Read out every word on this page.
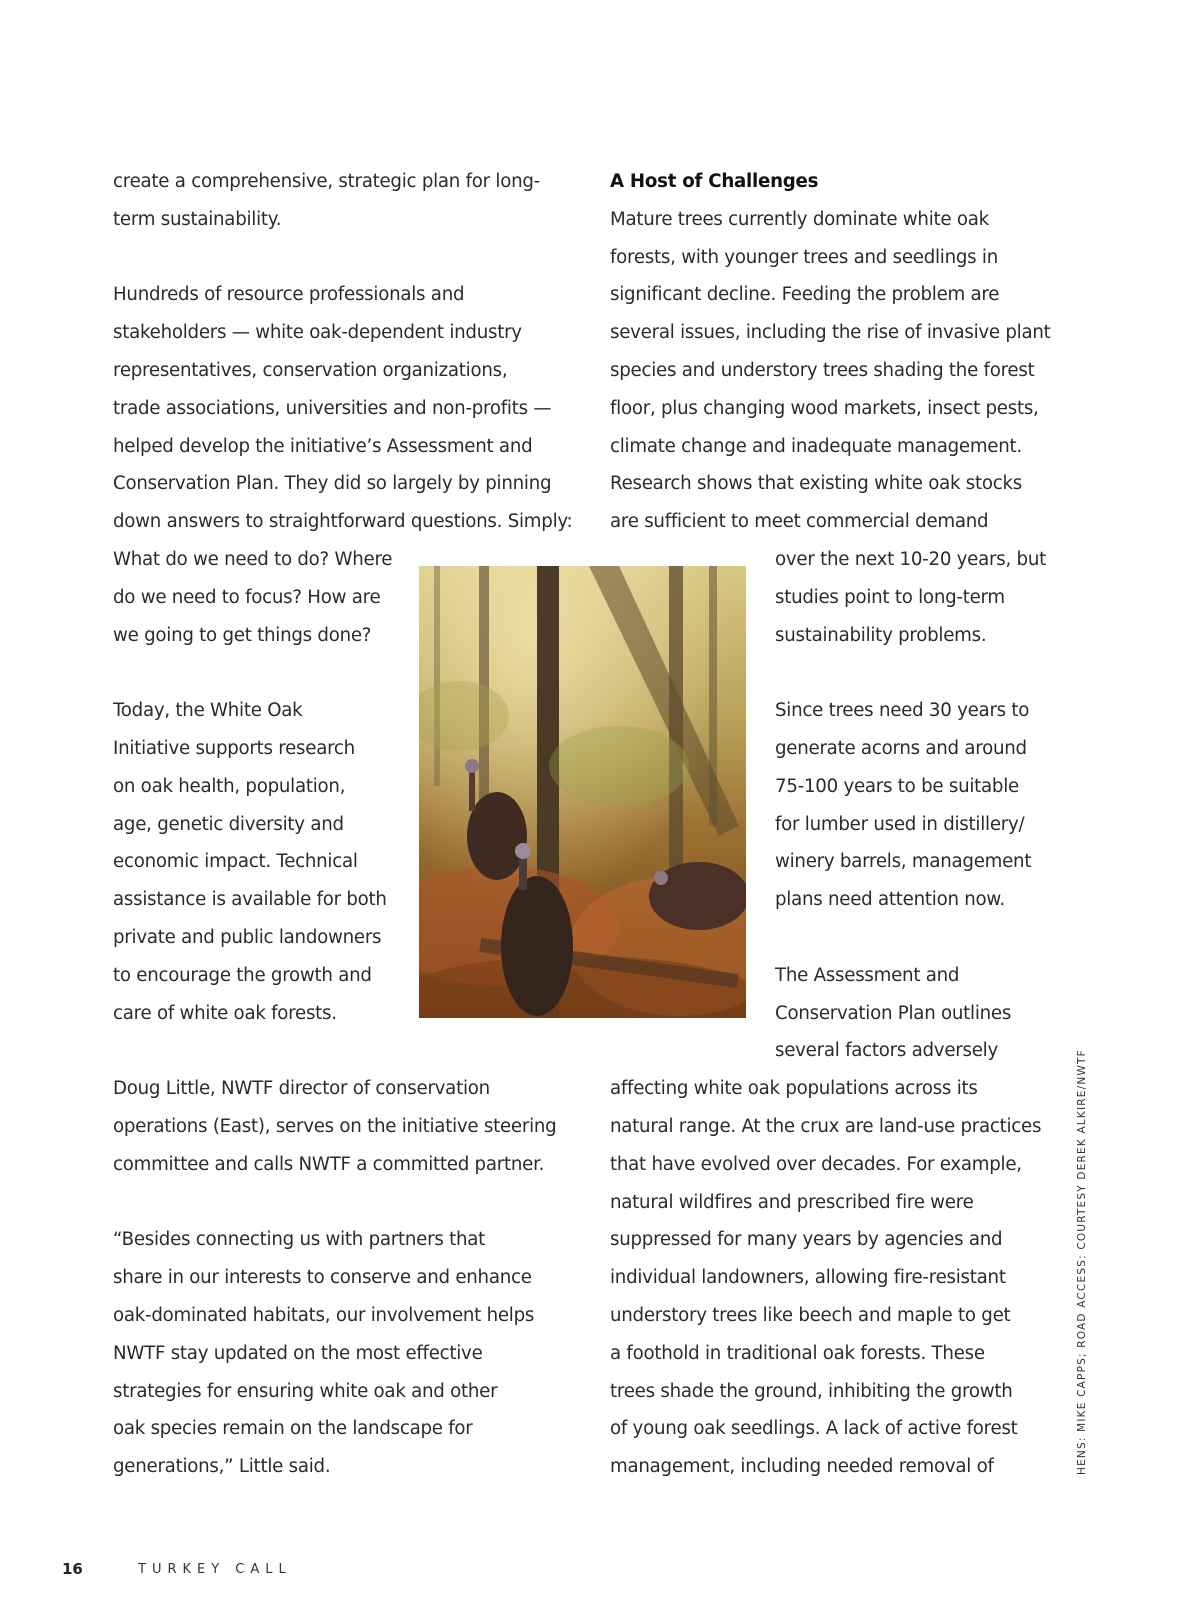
create a comprehensive, strategic plan for long-
term sustainability.
Hundreds of resource professionals and
stakeholders — white oak-dependent industry
representatives, conservation organizations,
trade associations, universities and non-profits —
helped develop the initiative’s Assessment and
Conservation Plan. They did so largely by pinning
down answers to straightforward questions. Simply:
What do we need to do? Where
do we need to focus? How are
we going to get things done?
Today, the White Oak
Initiative supports research
on oak health, population,
age, genetic diversity and
economic impact. Technical
assistance is available for both
private and public landowners
to encourage the growth and
care of white oak forests.
Doug Little, NWTF director of conservation
operations (East), serves on the initiative steering
committee and calls NWTF a committed partner.
“Besides connecting us with partners that
share in our interests to conserve and enhance
oak-dominated habitats, our involvement helps
NWTF stay updated on the most effective
strategies for ensuring white oak and other
oak species remain on the landscape for
generations,” Little said.
A Host of Challenges
Mature trees currently dominate white oak
forests, with younger trees and seedlings in
significant decline. Feeding the problem are
several issues, including the rise of invasive plant
species and understory trees shading the forest
floor, plus changing wood markets, insect pests,
climate change and inadequate management.
Research shows that existing white oak stocks
are sufficient to meet commercial demand
over the next 10-20 years, but
studies point to long-term
sustainability problems.
Since trees need 30 years to
generate acorns and around
75-100 years to be suitable
for lumber used in distillery/
winery barrels, management
plans need attention now.
The Assessment and
Conservation Plan outlines
several factors adversely
affecting white oak populations across its
natural range. At the crux are land-use practices
that have evolved over decades. For example,
natural wildfires and prescribed fire were
suppressed for many years by agencies and
individual landowners, allowing fire-resistant
understory trees like beech and maple to get
a foothold in traditional oak forests. These
trees shade the ground, inhibiting the growth
of young oak seedlings. A lack of active forest
management, including needed removal of	HENS: MIKE CAPPS; ROAD ACCESS: COURTESY DEREK ALKIRE/NWTF
16	TURKEY CALL
